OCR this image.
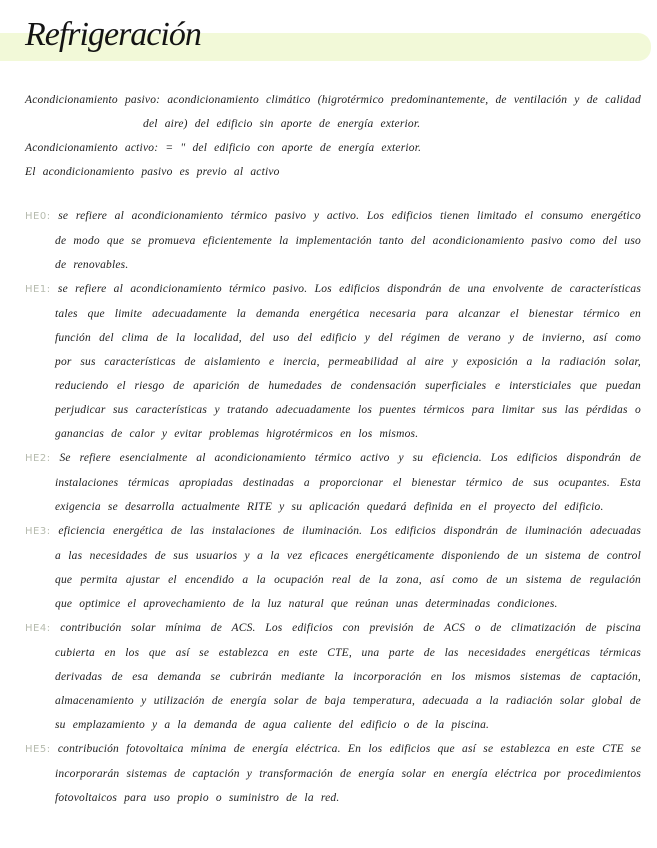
Refrigeración

Acondicionamiento pasivo: acondicionamiento climático (higrotérmico predominantemente, de ventilación y de calidad del aire) del edificio sin aporte de energía exterior.

Acondicionamiento activo: = " del edificio con aporte de energía exterior.

El acondicionamiento pasivo es previo al activo

HE0: se refiere al acondicionamiento térmico pasivo y activo. Los edificios tienen limitado el consumo energético de modo que se promueva eficientemente la implementación tanto del acondicionamiento pasivo como del uso de renovables.

HE1: se refiere al acondicionamiento térmico pasivo. Los edificios dispondrán de una envolvente de características tales que limite adecuadamente la demanda energética necesaria para alcanzar el bienestar térmico en función del clima de la localidad, del uso del edificio y del régimen de verano y de invierno, así como por sus características de aislamiento e inercia, permeabilidad al aire y exposición a la radiación solar, reduciendo el riesgo de aparición de humedades de condensación superficiales e intersticiales que puedan perjudicar sus características y tratando adecuadamente los puentes térmicos para limitar sus las pérdidas o ganancias de calor y evitar problemas higrotérmicos en los mismos.

HE2: Se refiere esencialmente al acondicionamiento térmico activo y su eficiencia. Los edificios dispondrán de instalaciones térmicas apropiadas destinadas a proporcionar el bienestar térmico de sus ocupantes. Esta exigencia se desarrolla actualmente RITE y su aplicación quedará definida en el proyecto del edificio.

HE3: eficiencia energética de las instalaciones de iluminación. Los edificios dispondrán de iluminación adecuadas a las necesidades de sus usuarios y a la vez eficaces energéticamente disponiendo de un sistema de control que permita ajustar el encendido a la ocupación real de la zona, así como de un sistema de regulación que optimice el aprovechamiento de la luz natural que reúnan unas determinadas condiciones.

HE4: contribución solar mínima de ACS. Los edificios con previsión de ACS o de climatización de piscina cubierta en los que así se establezca en este CTE, una parte de las necesidades energéticas térmicas derivadas de esa demanda se cubrirán mediante la incorporación en los mismos sistemas de captación, almacenamiento y utilización de energía solar de baja temperatura, adecuada a la radiación solar global de su emplazamiento y a la demanda de agua caliente del edificio o de la piscina.

HE5: contribución fotovoltaica mínima de energía eléctrica. En los edificios que así se establezca en este CTE se incorporarán sistemas de captación y transformación de energía solar en energía eléctrica por procedimientos fotovoltaicos para uso propio o suministro de la red.
